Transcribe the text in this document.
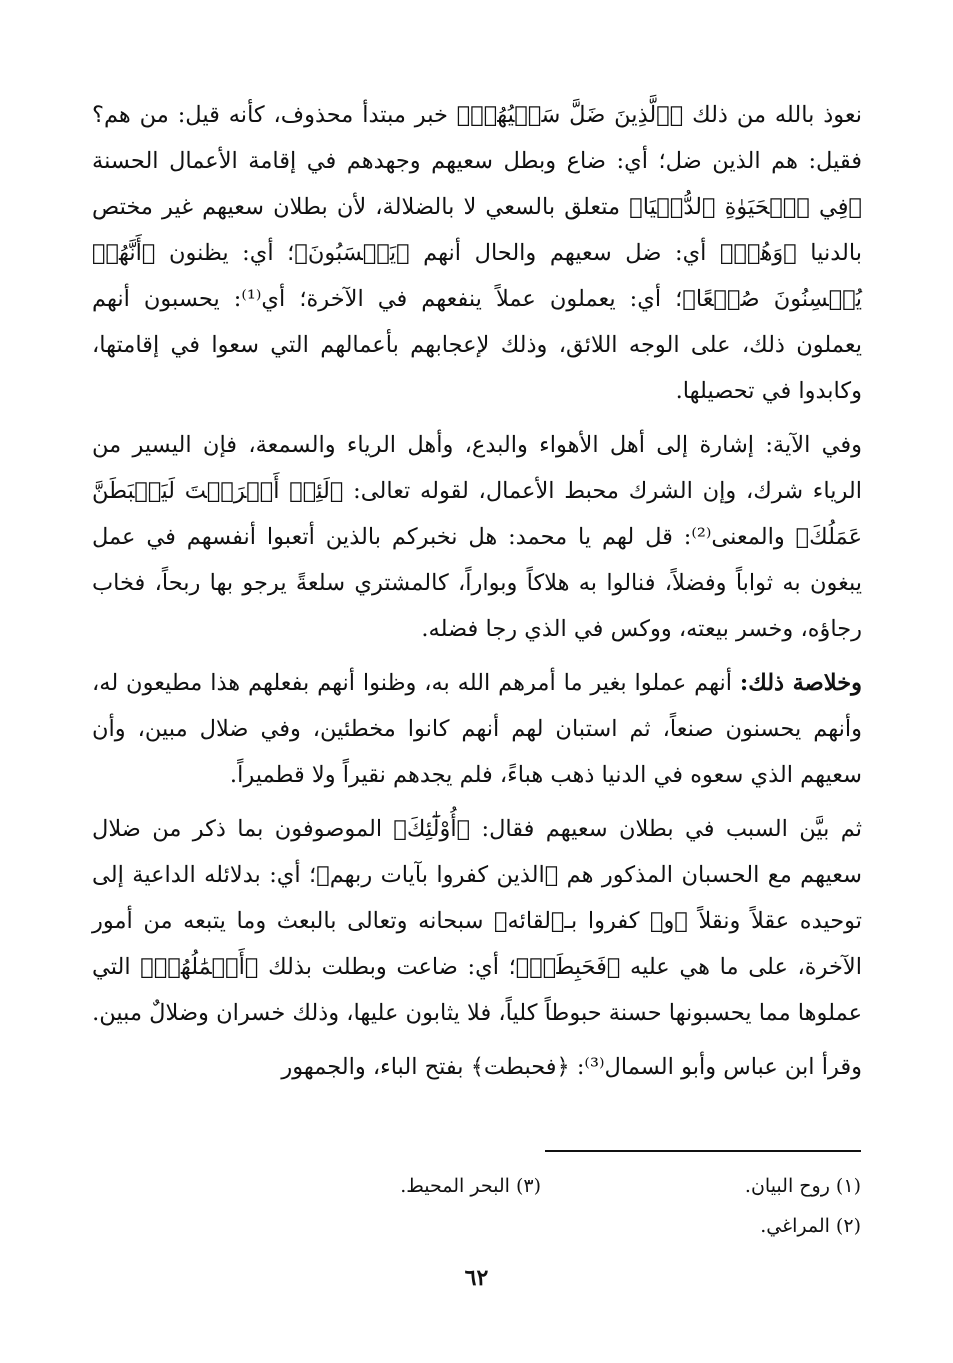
نعوذ بالله من ذلك ﴿ٱلَّذِينَ ضَلَّ سَعۡيُهُمۡ﴾ خبر مبتدأ محذوف، كأنه قيل: من هم؟ فقيل: هم الذين ضل؛ أي: ضاع وبطل سعيهم وجهدهم في إقامة الأعمال الحسنة ﴿فِي ٱلۡحَيَوٰةِ ٱلدُّنۡيَا﴾ متعلق بالسعي لا بالضلالة، لأن بطلان سعيهم غير مختص بالدنيا ﴿وَهُمۡ﴾ أي: ضل سعيهم والحال أنهم ﴿يَحۡسَبُونَ﴾؛ أي: يظنون ﴿أَنَّهُمۡ يُحۡسِنُونَ صُنۡعًا﴾؛ أي: يعملون عملاً ينفعهم في الآخرة؛ أي⁽¹⁾: يحسبون أنهم يعملون ذلك، على الوجه اللائق، وذلك لإعجابهم بأعمالهم التي سعوا في إقامتها، وكابدوا في تحصيلها.

وفي الآية: إشارة إلى أهل الأهواء والبدع، وأهل الرياء والسمعة، فإن اليسير من الرياء شرك، وإن الشرك محبط الأعمال، لقوله تعالى: ﴿لَئِنۡ أَشۡرَكۡتَ لَيَحۡبَطَنَّ عَمَلُكَ﴾ والمعنى⁽²⁾: قل لهم يا محمد: هل نخبركم بالذين أتعبوا أنفسهم في عمل يبغون به ثواباً وفضلاً، فنالوا به هلاكاً وبواراً، كالمشتري سلعةً يرجو بها ربحاً، فخاب رجاؤه، وخسر بيعته، ووكس في الذي رجا فضله.

وخلاصة ذلك: أنهم عملوا بغير ما أمرهم الله به، وظنوا أنهم بفعلهم هذا مطيعون له، وأنهم يحسنون صنعاً، ثم استبان لهم أنهم كانوا مخطئين، وفي ضلال مبين، وأن سعيهم الذي سعوه في الدنيا ذهب هباءً، فلم يجدهم نقيراً ولا قطميراً.

ثم بيَّن السبب في بطلان سعيهم فقال: ﴿أُوْلَٰٓئِكَ﴾ الموصوفون بما ذكر من ضلال سعيهم مع الحسبان المذكور هم ﴿الذين كفروا بآيات ربهم﴾؛ أي: بدلائله الداعية إلى توحيده عقلاً ونقلاً ﴿و﴾ كفروا بـ﴿لقائه﴾ سبحانه وتعالى بالبعث وما يتبعه من أمور الآخرة، على ما هي عليه ﴿فَحَبِطَتۡ﴾؛ أي: ضاعت وبطلت بذلك ﴿أَعۡمَٰلُهُمۡ﴾ التي عملوها مما يحسبونها حسنة حبوطاً كلياً، فلا يثابون عليها، وذلك خسران وضلالٌ مبين.

وقرأ ابن عباس وأبو السمال⁽³⁾: ﴿فحبطت﴾ بفتح الباء، والجمهور

(١) روح البيان.
(٣) البحر المحيط.
(٢) المراغي.
٦٢
